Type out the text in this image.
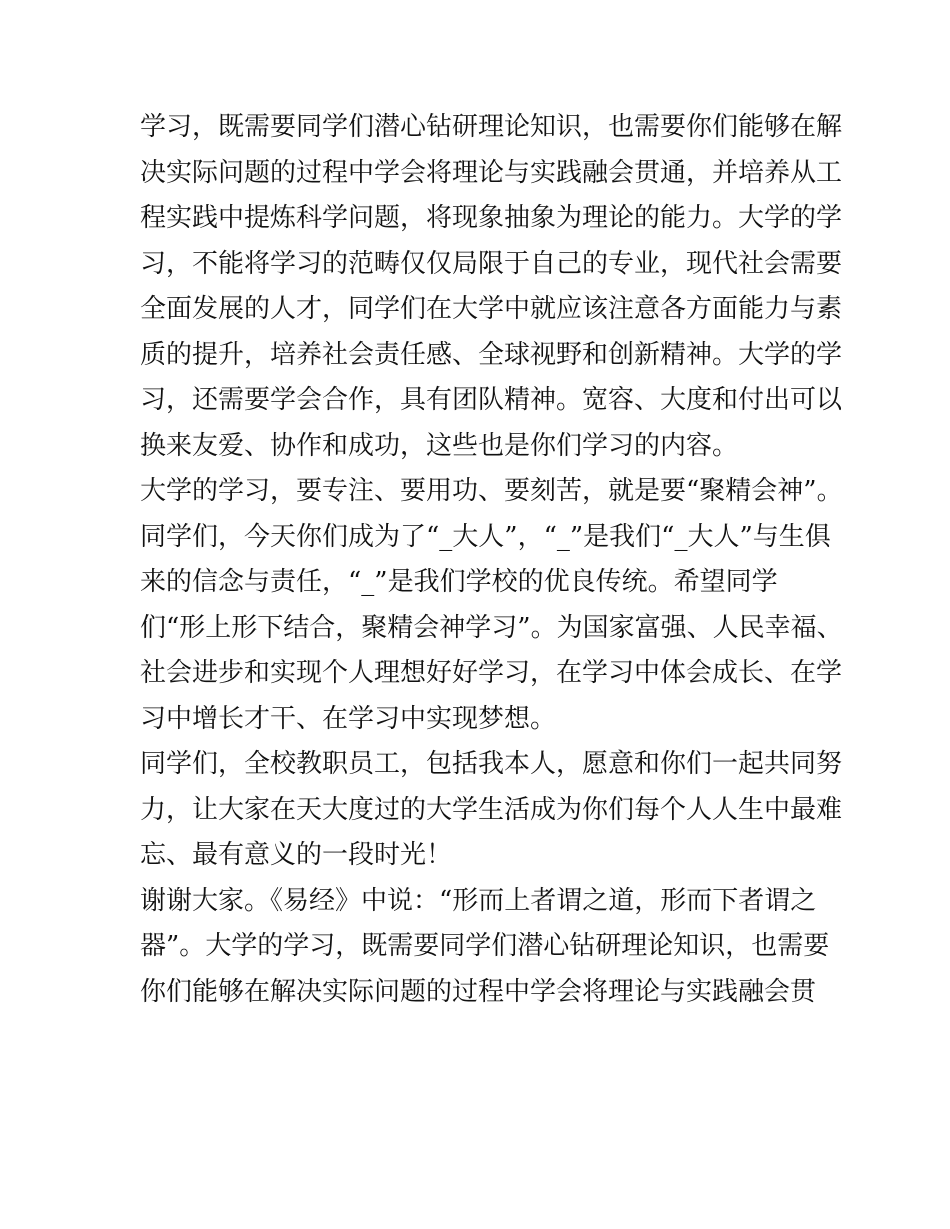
学习，既需要同学们潜心钻研理论知识，也需要你们能够在解
决实际问题的过程中学会将理论与实践融会贯通，并培养从工
程实践中提炼科学问题，将现象抽象为理论的能力。大学的学
习，不能将学习的范畴仅仅局限于自己的专业，现代社会需要
全面发展的人才，同学们在大学中就应该注意各方面能力与素
质的提升，培养社会责任感、全球视野和创新精神。大学的学
习，还需要学会合作，具有团队精神。宽容、大度和付出可以
换来友爱、协作和成功，这些也是你们学习的内容。
大学的学习，要专注、要用功、要刻苦，就是要“聚精会神”。
同学们，今天你们成为了“_大人”，“_”是我们“_大人”与生俱
来的信念与责任，“_”是我们学校的优良传统。希望同学
们“形上形下结合，聚精会神学习”。为国家富强、人民幸福、
社会进步和实现个人理想好好学习，在学习中体会成长、在学
习中增长才干、在学习中实现梦想。
同学们，全校教职员工，包括我本人，愿意和你们一起共同努
力，让大家在天大度过的大学生活成为你们每个人人生中最难
忘、最有意义的一段时光！
谢谢大家。《易经》中说：“形而上者谓之道，形而下者谓之
器”。大学的学习，既需要同学们潜心钻研理论知识，也需要
你们能够在解决实际问题的过程中学会将理论与实践融会贯
